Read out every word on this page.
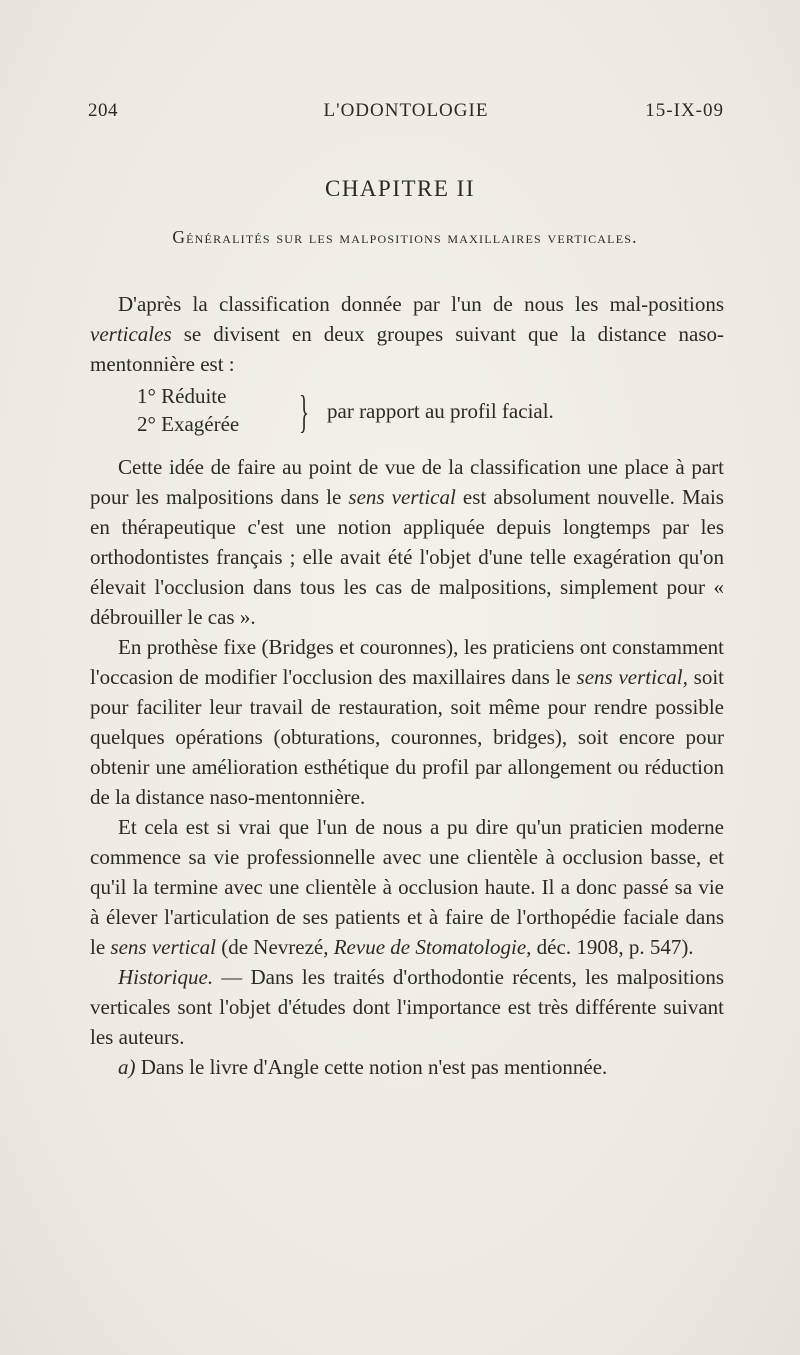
204	L'ODONTOLOGIE	15-IX-09
CHAPITRE II
Généralités sur les malpositions maxillaires verticales.

D'après la classification donnée par l'un de nous les mal-positions verticales se divisent en deux groupes suivant que la distance naso-mentonnière est :

1° Réduite
2° Exagérée } par rapport au profil facial.

Cette idée de faire au point de vue de la classification une place à part pour les malpositions dans le sens vertical est absolument nouvelle. Mais en thérapeutique c'est une notion appliquée depuis longtemps par les orthodontistes français ; elle avait été l'objet d'une telle exagération qu'on élevait l'occlusion dans tous les cas de malpositions, simplement pour « débrouiller le cas ».

En prothèse fixe (Bridges et couronnes), les praticiens ont constamment l'occasion de modifier l'occlusion des maxillaires dans le sens vertical, soit pour faciliter leur travail de restauration, soit même pour rendre possible quelques opérations (obturations, couronnes, bridges), soit encore pour obtenir une amélioration esthétique du profil par allongement ou réduction de la distance naso-mentonnière.

Et cela est si vrai que l'un de nous a pu dire qu'un praticien moderne commence sa vie professionnelle avec une clientèle à occlusion basse, et qu'il la termine avec une clientèle à occlusion haute. Il a donc passé sa vie à élever l'articulation de ses patients et à faire de l'orthopédie faciale dans le sens vertical (de Nevrezé, Revue de Stomatologie, déc. 1908, p. 547).

Historique. — Dans les traités d'orthodontie récents, les malpositions verticales sont l'objet d'études dont l'importance est très différente suivant les auteurs.

a) Dans le livre d'Angle cette notion n'est pas mentionnée.
